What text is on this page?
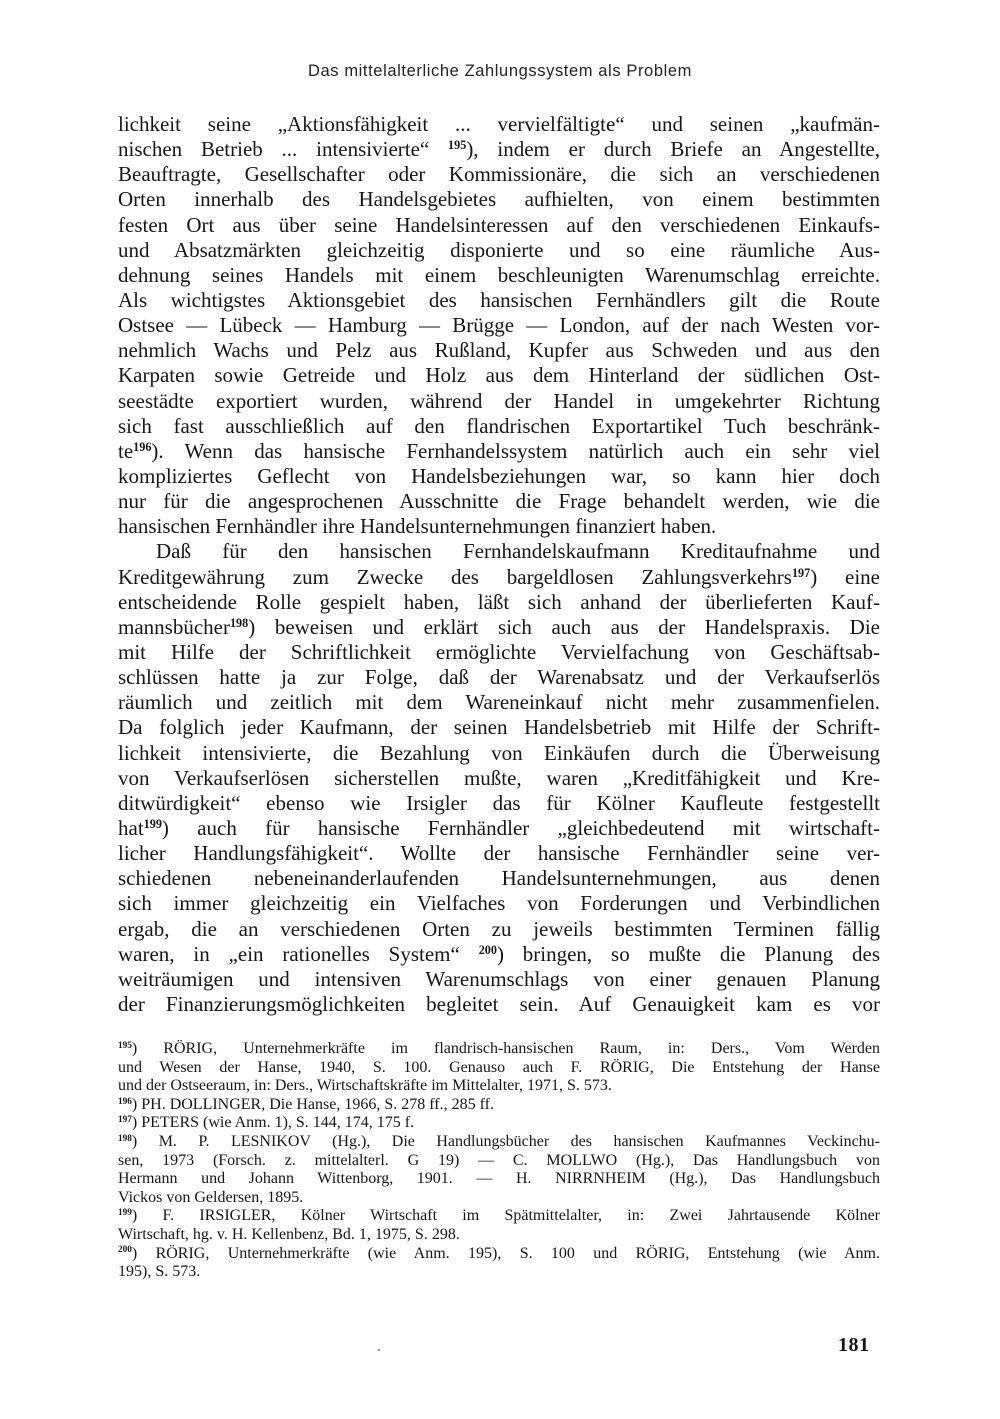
Das mittelalterliche Zahlungssystem als Problem
lichkeit seine „Aktionsfähigkeit ... vervielfältigte“ und seinen „kaufmän-
nischen Betrieb ... intensivierte“ $^{195}$), indem er durch Briefe an Angestellte,
Beauftragte, Gesellschafter oder Kommissionäre, die sich an verschiedenen
Orten innerhalb des Handelsgebietes aufhielten, von einem bestimmten
festen Ort aus über seine Handelsinteressen auf den verschiedenen Einkaufs-
und Absatzmärkten gleichzeitig disponierte und so eine räumliche Aus-
dehnung seines Handels mit einem beschleunigten Warenumschlag erreichte.
Als wichtigstes Aktionsgebiet des hansischen Fernhändlers gilt die Route
Ostsee — Lübeck — Hamburg — Brügge — London, auf der nach Westen vor-
nehmlich Wachs und Pelz aus Rußland, Kupfer aus Schweden und aus den
Karpaten sowie Getreide und Holz aus dem Hinterland der südlichen Ost-
seestädte exportiert wurden, während der Handel in umgekehrter Richtung
sich fast ausschließlich auf den flandrischen Exportartikel Tuch beschränk-
$te^{196}$). Wenn das hansische Fernhandelssystem natürlich auch ein sehr viel
kompliziertes Geflecht von Handelsbeziehungen war, so kann hier doch
nur für die angesprochenen Ausschnitte die Frage behandelt werden, wie die
hansischen Fernhändler ihre Handelsunternehmungen finanziert haben.
Daß für den hansischen Fernhandelskaufmann Kreditaufnahme und
Kreditgewährung zum Zwecke des bargeldlosen Zahlungsverkehrs$^{197}$) eine
entscheidende Rolle gespielt haben, läßt sich anhand der überlieferten Kauf-
mannsbücher$^{198}$) beweisen und erklärt sich auch aus der Handelspraxis. Die
mit Hilfe der Schriftlichkeit ermöglichte Vervielfachung von Geschäftsab-
schlüssen hatte ja zur Folge, daß der Warenabsatz und der Verkaufserlös
räumlich und zeitlich mit dem Wareneinkauf nicht mehr zusammenfielen.
Da folglich jeder Kaufmann, der seinen Handelsbetrieb mit Hilfe der Schrift-
lichkeit intensivierte, die Bezahlung von Einkäufen durch die Überweisung
von Verkaufserlösen sicherstellen mußte, waren „Kreditfähigkeit und Kre-
ditwürdigkeit“ ebenso wie Irsigler das für Kölner Kaufleute festgestellt
hat$^{199}$) auch für hansische Fernhändler „gleichbedeutend mit wirtschaft-
licher Handlungsfähigkeit“. Wollte der hansische Fernhändler seine ver-
schiedenen nebeneinanderlaufenden Handelsunternehmungen, aus denen
sich immer gleichzeitig ein Vielfaches von Forderungen und Verbindlichen
ergab, die an verschiedenen Orten zu jeweils bestimmten Terminen fällig
waren, in „ein rationelles System“ $^{200}$) bringen, so mußte die Planung des
weiträumigen und intensiven Warenumschlags von einer genauen Planung
der Finanzierungsmöglichkeiten begleitet sein. Auf Genauigkeit kam es vor
$^{195}$) RÖRIG, Unternehmerkräfte im flandrisch-hansischen Raum, in: Ders., Vom Werden
und Wesen der Hanse, 1940, S. 100. Genauso auch F. RÖRIG, Die Entstehung der Hanse
und der Ostseeraum, in: Ders., Wirtschaftskräfte im Mittelalter, 1971, S. 573.
$^{196}$) PH. DOLLINGER, Die Hanse, 1966, S. 278 ff., 285 ff.
$^{197}$) PETERS (wie Anm. 1), S. 144, 174, 175 f.
$^{198}$) M. P. LESNIKOV (Hg.), Die Handlungsbücher des hansischen Kaufmannes Veckinchu-
sen, 1973 (Forsch. z. mittelalterl. G 19) — C. MOLLWO (Hg.), Das Handlungsbuch von
Hermann und Johann Wittenborg, 1901. — H. NIRRNHEIM (Hg.), Das Handlungsbuch
Vickos von Geldersen, 1895.
$^{199}$) F. IRSIGLER, Kölner Wirtschaft im Spätmittelalter, in: Zwei Jahrtausende Kölner
Wirtschaft, hg. v. H. Kellenbenz, Bd. 1, 1975, S. 298.
$^{200}$) RÖRIG, Unternehmerkräfte (wie Anm. 195), S. 100 und RÖRIG, Entstehung (wie Anm.
195), S. 573.
181
